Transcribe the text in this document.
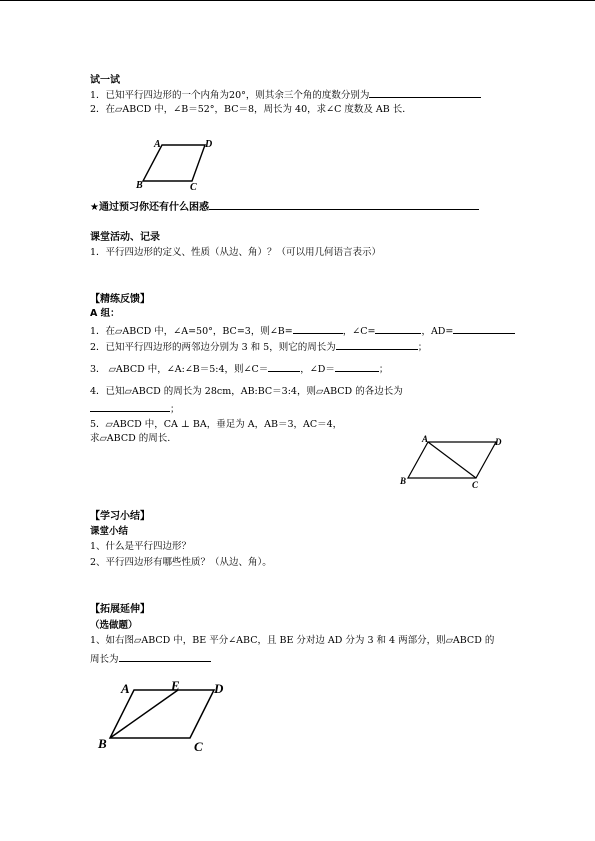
试一试
1．已知平行四边形的一个内角为20°，则其余三个角的度数分别为
2．在▱ABCD 中，∠B＝52°，BC＝8，周长为 40，求∠C 度数及 AB 长．
A	D
B	C
★通过预习你还有什么困惑
课堂活动、记录
1．平行四边形的定义、性质（从边、角）？（可以用几何语言表示）
【精练反馈】
A 组：
1．在▱ABCD 中，∠A=50°，BC=3，则∠B=	，∠C=	，AD=
2．已知平行四边形的两邻边分别为 3 和 5，则它的周长为	；
3． ▱ABCD 中，∠A:∠B＝5:4，则∠C＝	，∠D＝	；
4．已知▱ABCD 的周长为 28cm，AB:BC＝3:4，则▱ABCD 的各边长为
；
5．▱ABCD 中，CA ⊥ BA，垂足为 A，AB＝3，AC＝4，
求▱ABCD 的周长.	A	D
B	C
【学习小结】
课堂小结
1、什么是平行四边形？
2、平行四边形有哪些性质？（从边、角）。
【拓展延伸】
（选做题）
1、如右图▱ABCD 中，BE 平分∠ABC，且 BE 分对边 AD 分为 3 和 4 两部分，则▱ABCD 的
周长为
A	E	D
B	C
